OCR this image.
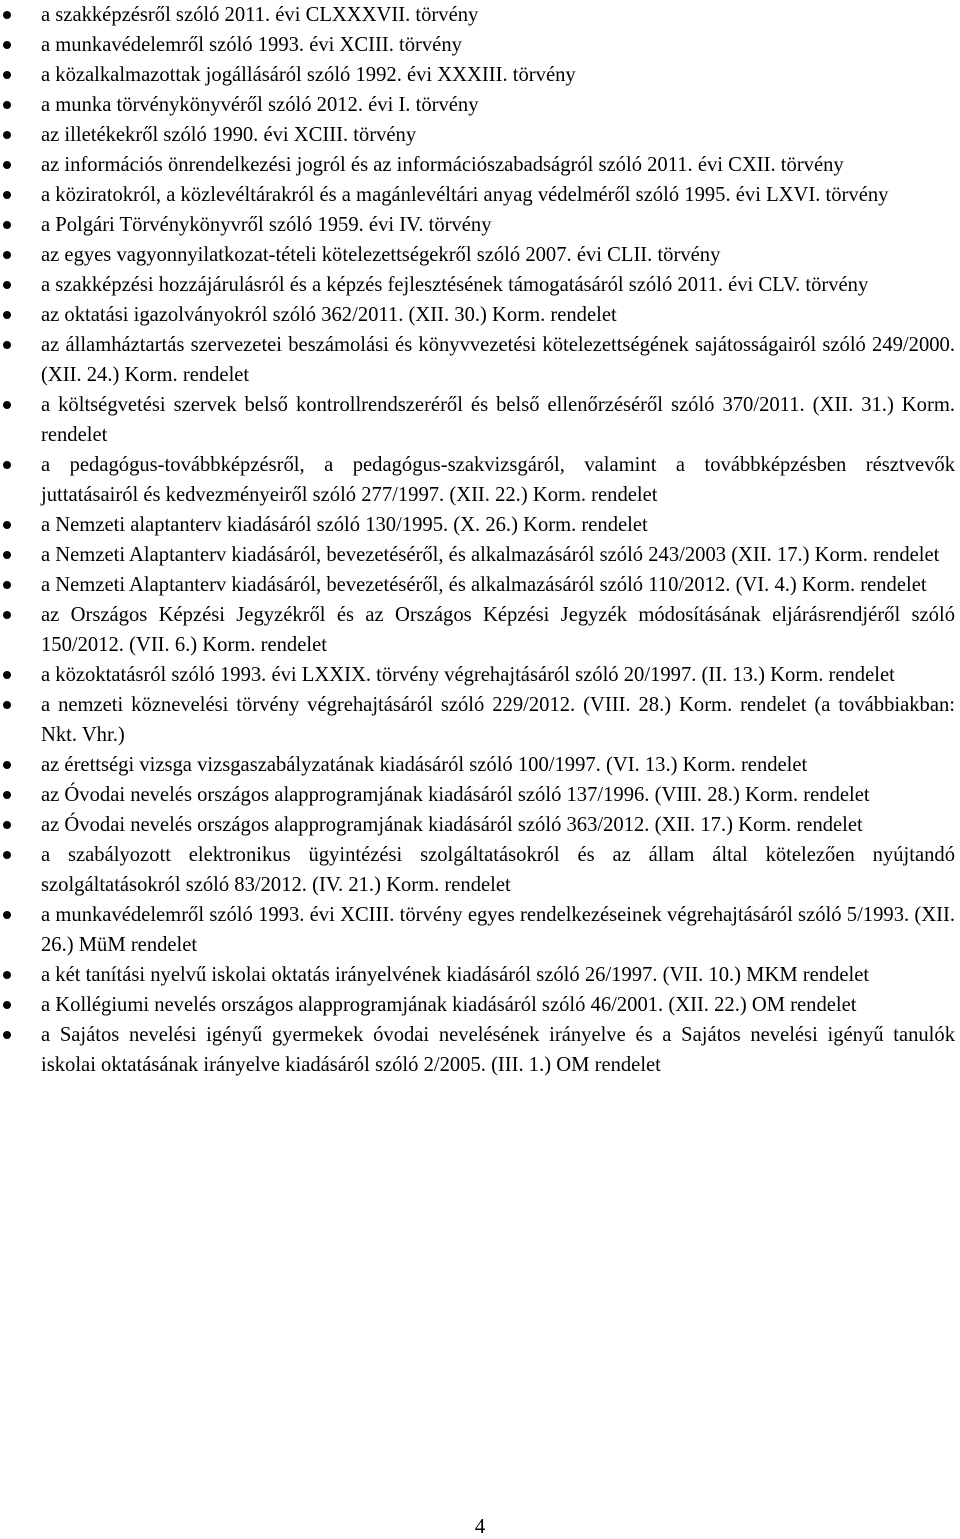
a szakképzésről szóló 2011. évi CLXXXVII. törvény
a munkavédelemről szóló 1993. évi XCIII. törvény
a közalkalmazottak jogállásáról szóló 1992. évi XXXIII. törvény
a munka törvénykönyvéről szóló 2012. évi I. törvény
az illetékekről szóló 1990. évi XCIII. törvény
az információs önrendelkezési jogról és az információszabadságról szóló 2011. évi CXII. törvény
a köziratokról, a közlevéltárakról és a magánlevéltári anyag védelméről szóló 1995. évi LXVI. törvény
a Polgári Törvénykönyvről szóló 1959. évi IV. törvény
az egyes vagyonnyilatkozat-tételi kötelezettségekről szóló 2007. évi CLII. törvény
a szakképzési hozzájárulásról és a képzés fejlesztésének támogatásáról szóló 2011. évi CLV. törvény
az oktatási igazolványokról szóló 362/2011. (XII. 30.) Korm. rendelet
az államháztartás szervezetei beszámolási és könyvvezetési kötelezettségének sajátosságairól szóló 249/2000. (XII. 24.) Korm. rendelet
a költségvetési szervek belső kontrollrendszeréről és belső ellenőrzéséről szóló 370/2011. (XII. 31.) Korm. rendelet
a pedagógus-továbbképzésről, a pedagógus-szakvizsgáról, valamint a továbbképzésben résztvevők juttatásairól és kedvezményeiről szóló 277/1997. (XII. 22.) Korm. rendelet
a Nemzeti alaptanterv kiadásáról szóló 130/1995. (X. 26.) Korm. rendelet
a Nemzeti Alaptanterv kiadásáról, bevezetéséről, és alkalmazásáról szóló 243/2003 (XII. 17.) Korm. rendelet
a Nemzeti Alaptanterv kiadásáról, bevezetéséről, és alkalmazásáról szóló 110/2012. (VI. 4.) Korm. rendelet
az Országos Képzési Jegyzékről és az Országos Képzési Jegyzék módosításának eljárásrendjéről szóló 150/2012. (VII. 6.) Korm. rendelet
a közoktatásról szóló 1993. évi LXXIX. törvény végrehajtásáról szóló 20/1997. (II. 13.) Korm. rendelet
a nemzeti köznevelési törvény végrehajtásáról szóló 229/2012. (VIII. 28.) Korm. rendelet (a továbbiakban: Nkt. Vhr.)
az érettségi vizsga vizsgaszabályzatának kiadásáról szóló 100/1997. (VI. 13.) Korm. rendelet
az Óvodai nevelés országos alapprogramjának kiadásáról szóló 137/1996. (VIII. 28.) Korm. rendelet
az Óvodai nevelés országos alapprogramjának kiadásáról szóló 363/2012. (XII. 17.) Korm. rendelet
a szabályozott elektronikus ügyintézési szolgáltatásokról és az állam által kötelezően nyújtandó szolgáltatásokról szóló 83/2012. (IV. 21.) Korm. rendelet
a munkavédelemről szóló 1993. évi XCIII. törvény egyes rendelkezéseinek végrehajtásáról szóló 5/1993. (XII. 26.) MüM rendelet
a két tanítási nyelvű iskolai oktatás irányelvének kiadásáról szóló 26/1997. (VII. 10.) MKM rendelet
a Kollégiumi nevelés országos alapprogramjának kiadásáról szóló 46/2001. (XII. 22.) OM rendelet
a Sajátos nevelési igényű gyermekek óvodai nevelésének irányelve és a Sajátos nevelési igényű tanulók iskolai oktatásának irányelve kiadásáról szóló 2/2005. (III. 1.) OM rendelet
4
